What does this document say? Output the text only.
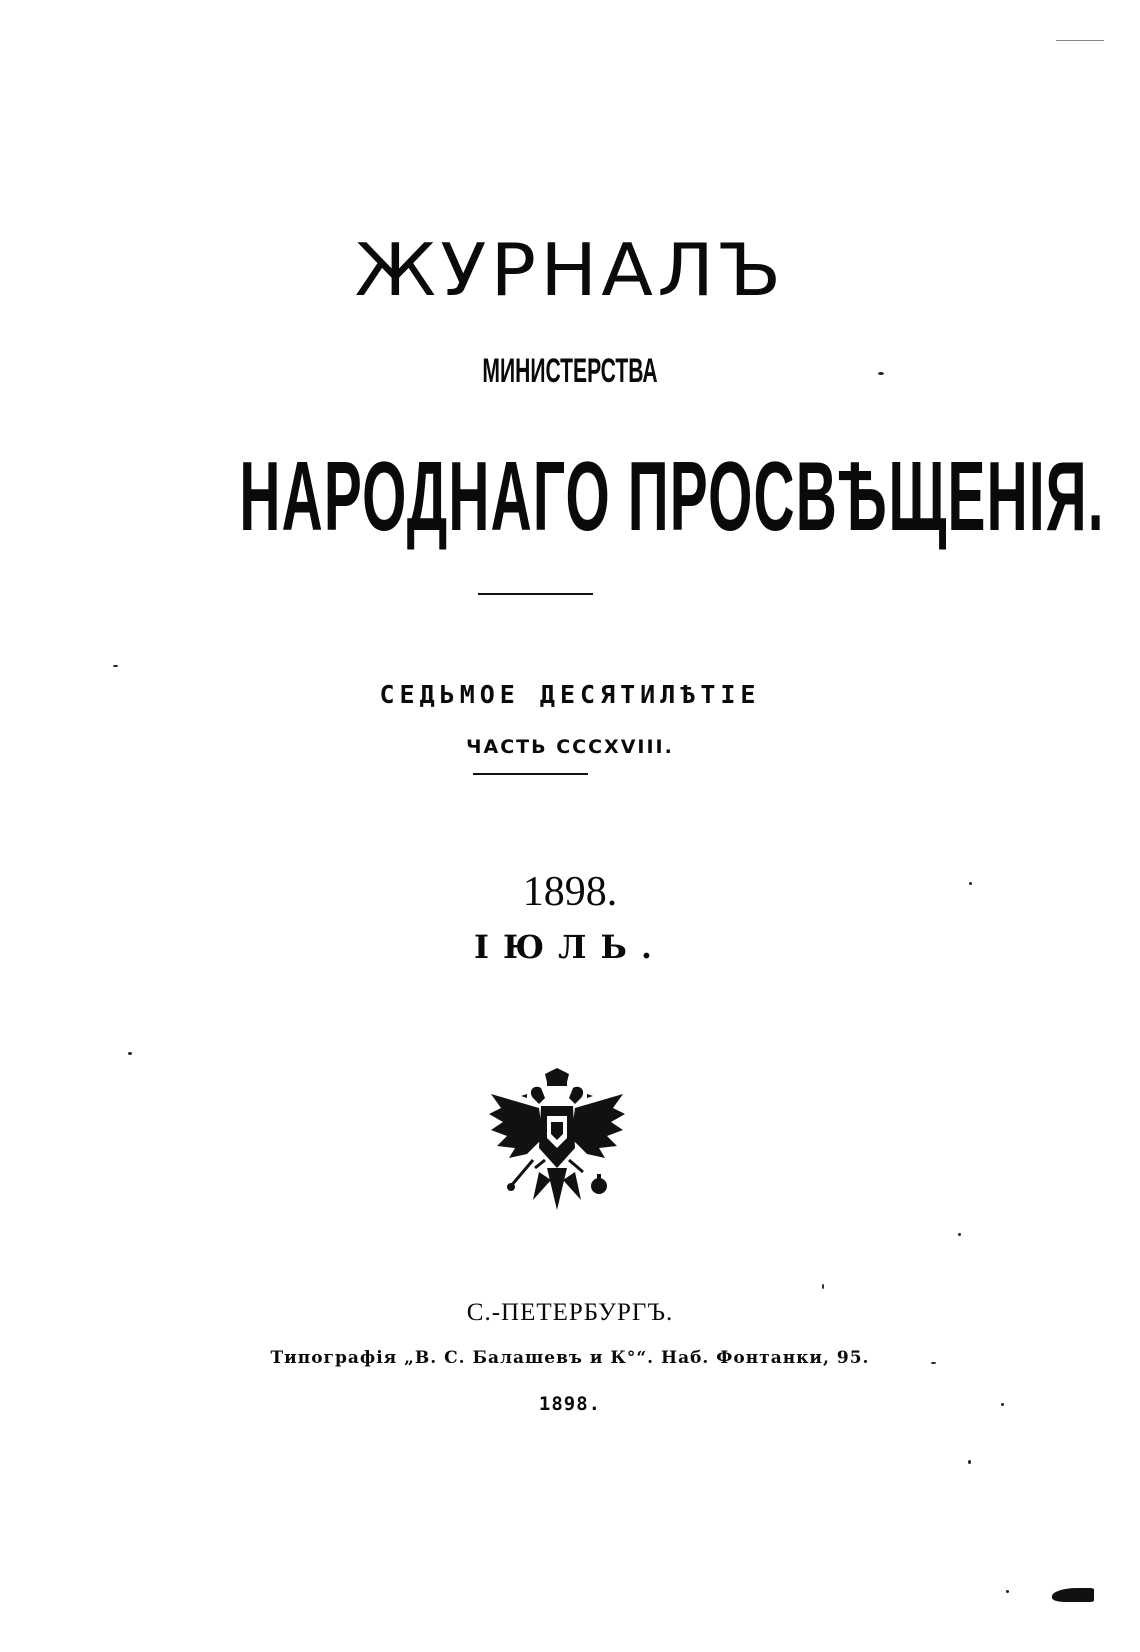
ЖУРНАЛЪ
МИНИСТЕРСТВА
НАРОДНАГО ПРОСВѢЩЕНІЯ.
СЕДЬМОЕ ДЕСЯТИЛѢТІЕ
ЧАСТЬ CCCXVIII.
1898.
ІЮЛЬ.
С.-ПЕТЕРБУРГЪ.
Типографія „В. С. Балашевъ и К°“. Наб. Фонтанки, 95.
1898.
